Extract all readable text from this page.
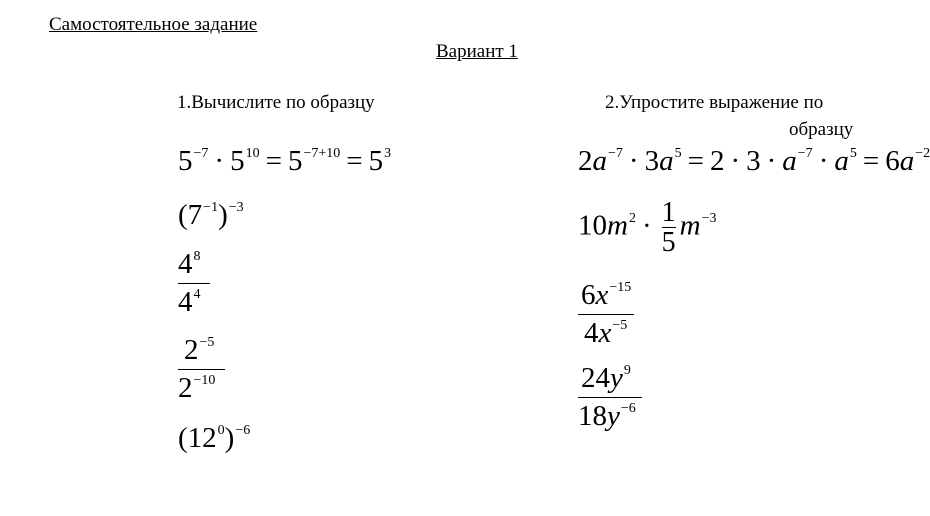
Самостоятельное задание
Вариант 1
1.Вычислите по образцу
$5^{-7} \cdot 5^{10} = 5^{-7+10} = 5^3$
$(7^{-1})^{-3}$
$4^8$
$4^4$
$2^{-5}$
$2^{-10}$
$(12^0)^{-6}$
2.Упростите выражение по
образцу
$2a^{-7} \cdot 3a^5 = 2 \cdot 3 \cdot a^{-7} \cdot a^5 = 6a^{-2}$
$10m^2 \cdot \frac{1}{5} m^{-3}$
$6x^{-15}$
$4x^{-5}$
$24y^9$
$18y^{-6}$
